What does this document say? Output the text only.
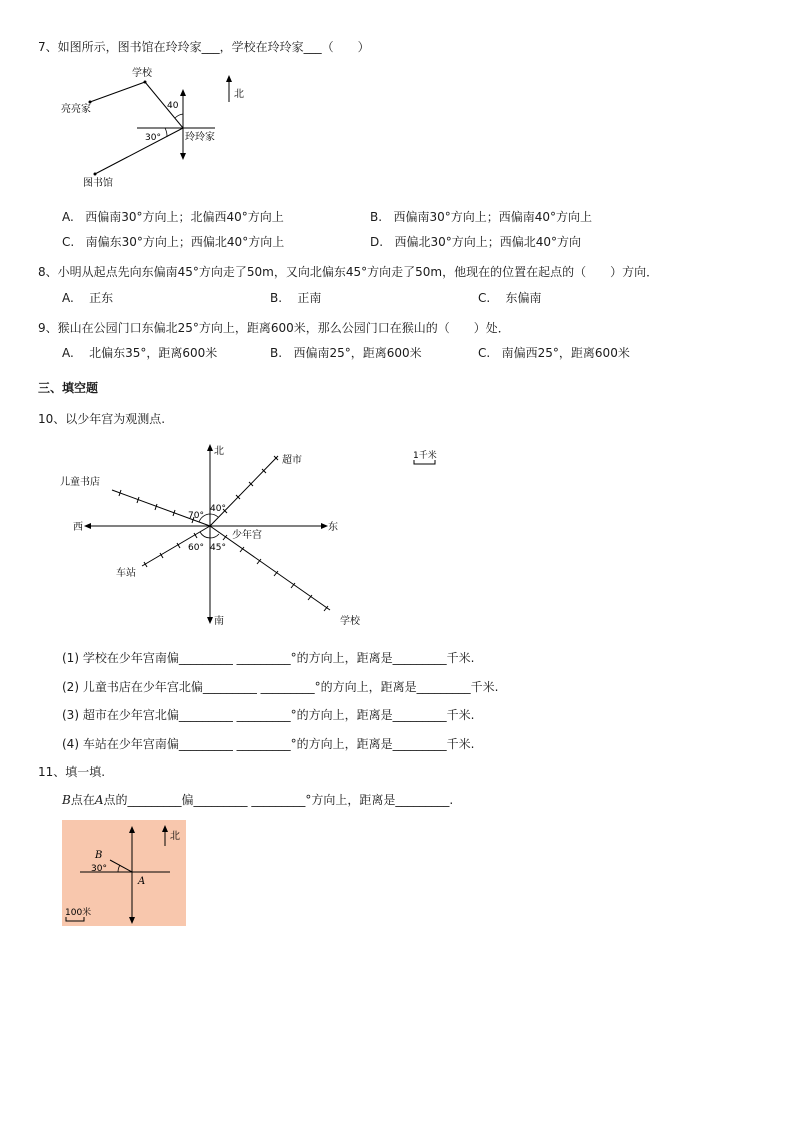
7、如图所示，图书馆在玲玲家___，学校在玲玲家___（　　）
学校
亮亮家
玲玲家
图书馆
40
30°
北
A. 西偏南30°方向上；北偏西40°方向上	B. 西偏南30°方向上；西偏南40°方向上
C. 南偏东30°方向上；西偏北40°方向上	D. 西偏北30°方向上；西偏北40°方向
8、小明从起点先向东偏南45°方向走了50m，又向北偏东45°方向走了50m，他现在的位置在起点的（　　）方向．
A. 正东	B. 正南	C. 东偏南
9、猴山在公园门口东偏北25°方向上，距离600米，那么公园门口在猴山的（　　）处．
A. 北偏东35°，距离600米	B. 西偏南25°，距离600米	C. 南偏西25°，距离600米
三、填空题
10、以少年宫为观测点.
北
南
东
西
少年宫
超市
儿童书店
车站
学校
70°
40°
60° 45°
1千米
(1) 学校在少年宫南偏_________ _________°的方向上，距离是_________千米.
(2) 儿童书店在少年宫北偏_________ _________°的方向上，距离是_________千米.
(3) 超市在少年宫北偏_________ _________°的方向上，距离是_________千米.
(4) 车站在少年宫南偏_________ _________°的方向上，距离是_________千米.
11、填一填.
B点在A点的_________偏_________ _________°方向上，距离是_________.
B
A
30°
北
100米
